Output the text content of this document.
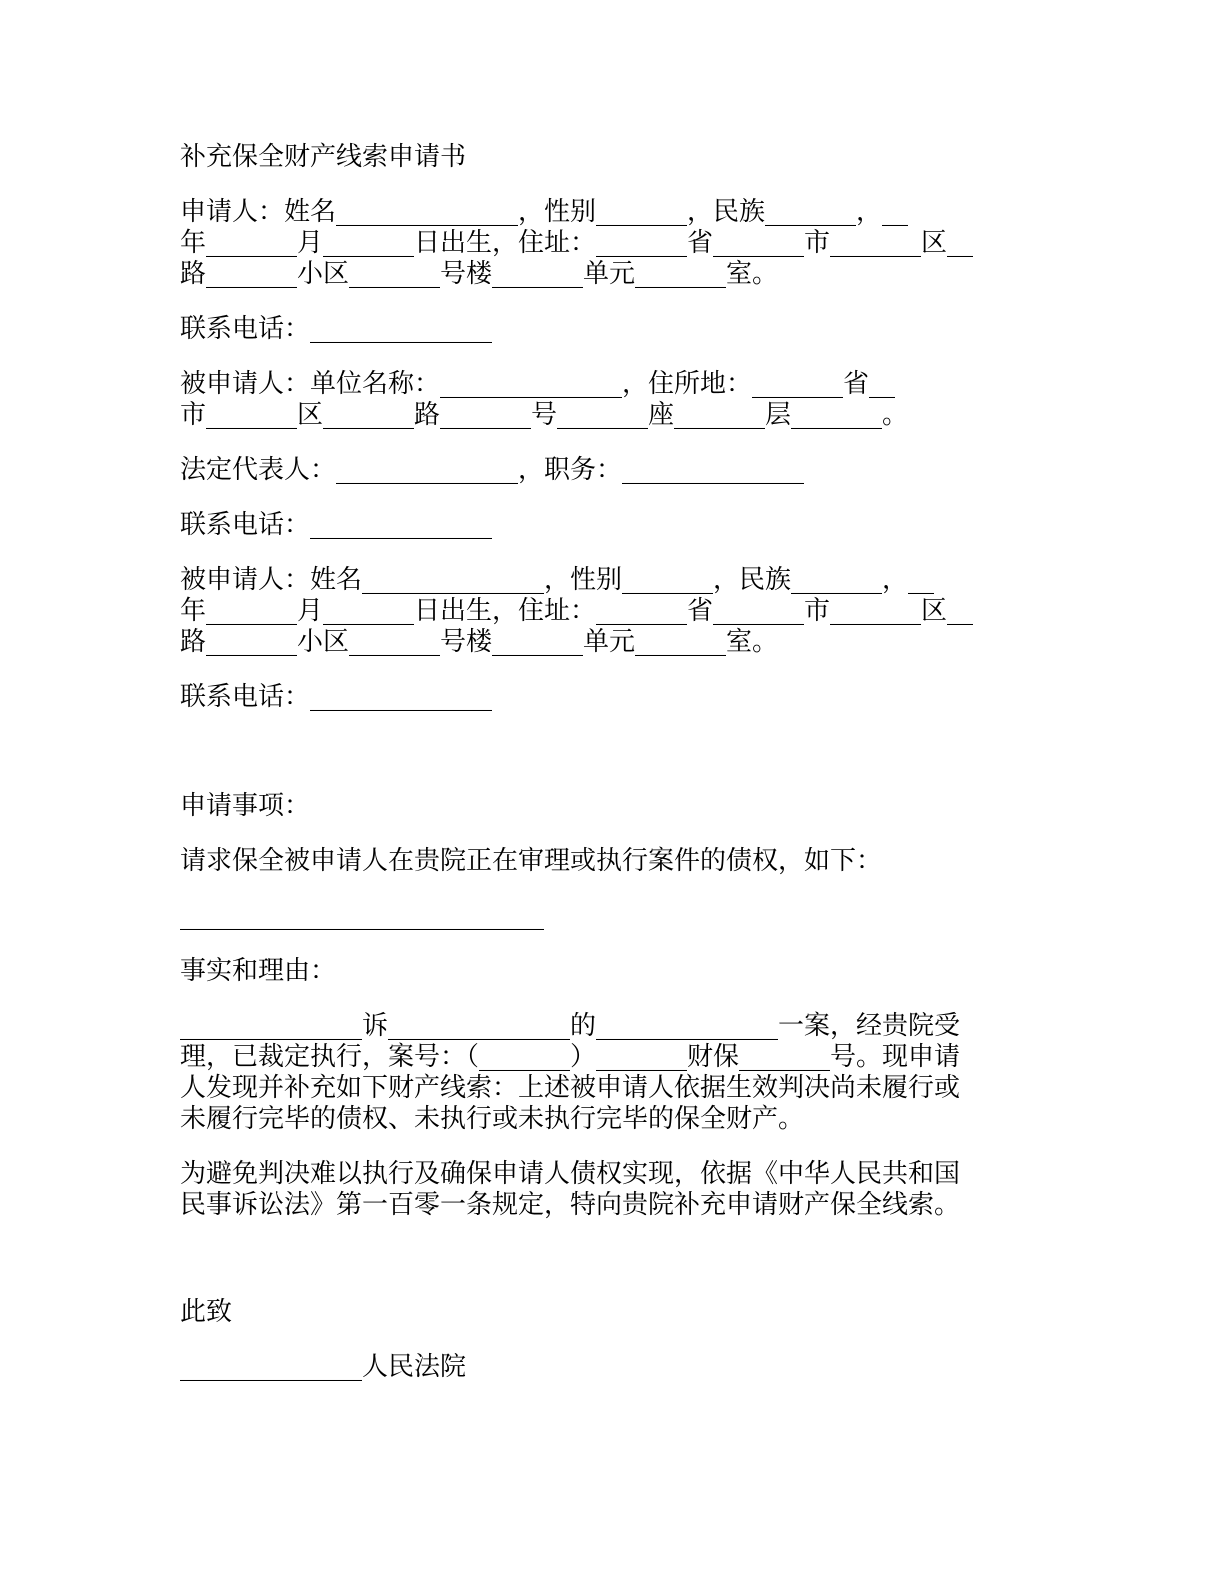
补充保全财产线索申请书

申请人：姓名______________，性别_______，民族_______，__

年_______月_______日出生，住址：_______省_______市_______区__

路_______小区_______号楼_______单元_______室。

联系电话：______________

被申请人：单位名称：______________，住所地：_______省__

市_______区_______路_______号_______座_______层_______。

法定代表人：______________，职务：______________

联系电话：______________

被申请人：姓名______________，性别_______，民族_______，__

年_______月_______日出生，住址：_______省_______市_______区__

路_______小区_______号楼_______单元_______室。

联系电话：______________

申请事项：

请求保全被申请人在贵院正在审理或执行案件的债权，如下：

____________________________

事实和理由：

______________诉______________的______________一案，经贵院受

理，已裁定执行，案号：（_______）_______财保_______号。现申请

人发现并补充如下财产线索：上述被申请人依据生效判决尚未履行或

未履行完毕的债权、未执行或未执行完毕的保全财产。

为避免判决难以执行及确保申请人债权实现，依据《中华人民共和国

民事诉讼法》第一百零一条规定，特向贵院补充申请财产保全线索。

此致

______________人民法院
